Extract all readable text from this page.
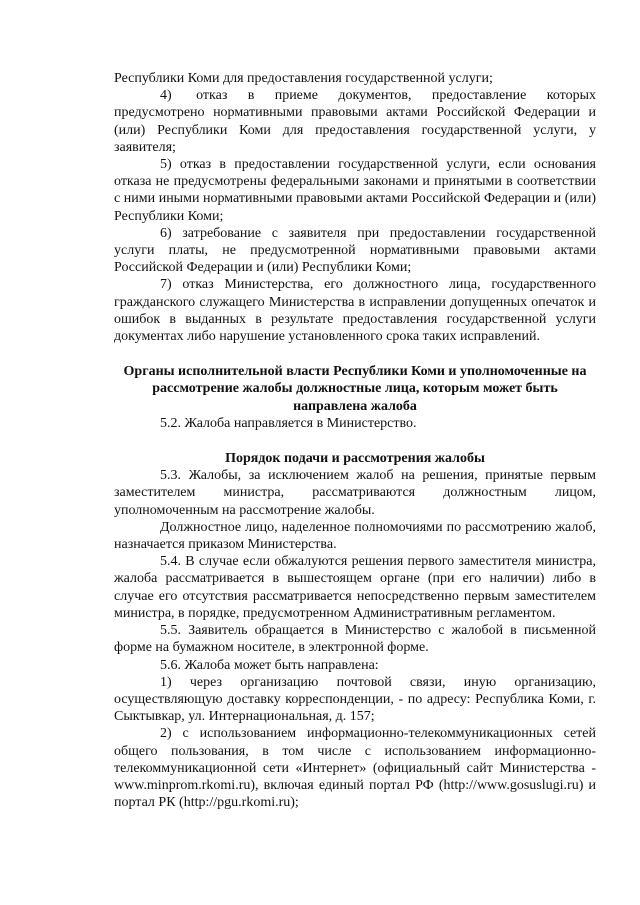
Республики Коми для предоставления государственной услуги;

4)      отказ     в     приеме     документов,     предоставление     которых предусмотрено нормативными правовыми актами Российской Федерации и (или) Республики Коми для предоставления государственной услуги, у заявителя;

5) отказ в предоставлении государственной услуги, если основания отказа не предусмотрены федеральными законами и принятыми в соответствии с ними иными нормативными правовыми актами Российской Федерации и (или) Республики Коми;

6) затребование с заявителя при предоставлении государственной услуги платы, не предусмотренной нормативными правовыми актами Российской Федерации и (или) Республики Коми;

7) отказ Министерства, его должностного лица, государственного гражданского служащего Министерства в исправлении допущенных опечаток и ошибок в выданных в результате предоставления государственной услуги документах либо нарушение установленного срока таких исправлений.

Органы исполнительной власти Республики Коми и уполномоченные на рассмотрение жалобы должностные лица, которым может быть направлена жалоба

5.2. Жалоба направляется в Министерство.

Порядок подачи и рассмотрения жалобы

5.3. Жалобы, за исключением жалоб на решения, принятые первым заместителем министра, рассматриваются должностным лицом, уполномоченным на рассмотрение жалобы.

Должностное лицо, наделенное полномочиями по рассмотрению жалоб, назначается приказом Министерства.

5.4. В случае если обжалуются решения первого заместителя министра, жалоба рассматривается в вышестоящем органе (при его наличии) либо в случае его отсутствия рассматривается непосредственно первым заместителем министра, в порядке, предусмотренном Административным регламентом.

5.5. Заявитель обращается в Министерство с жалобой в письменной форме на бумажном носителе, в электронной форме.

5.6. Жалоба может быть направлена:

1) через организацию почтовой связи, иную организацию, осуществляющую доставку корреспонденции, - по адресу: Республика Коми, г. Сыктывкар, ул. Интернациональная, д. 157;

2) с использованием информационно-телекоммуникационных сетей общего пользования, в том числе с использованием информационно-телекоммуникационной сети «Интернет» (официальный сайт Министерства - www.minprom.rkomi.ru), включая единый портал РФ (http://www.gosuslugi.ru) и портал РК (http://pgu.rkomi.ru);
